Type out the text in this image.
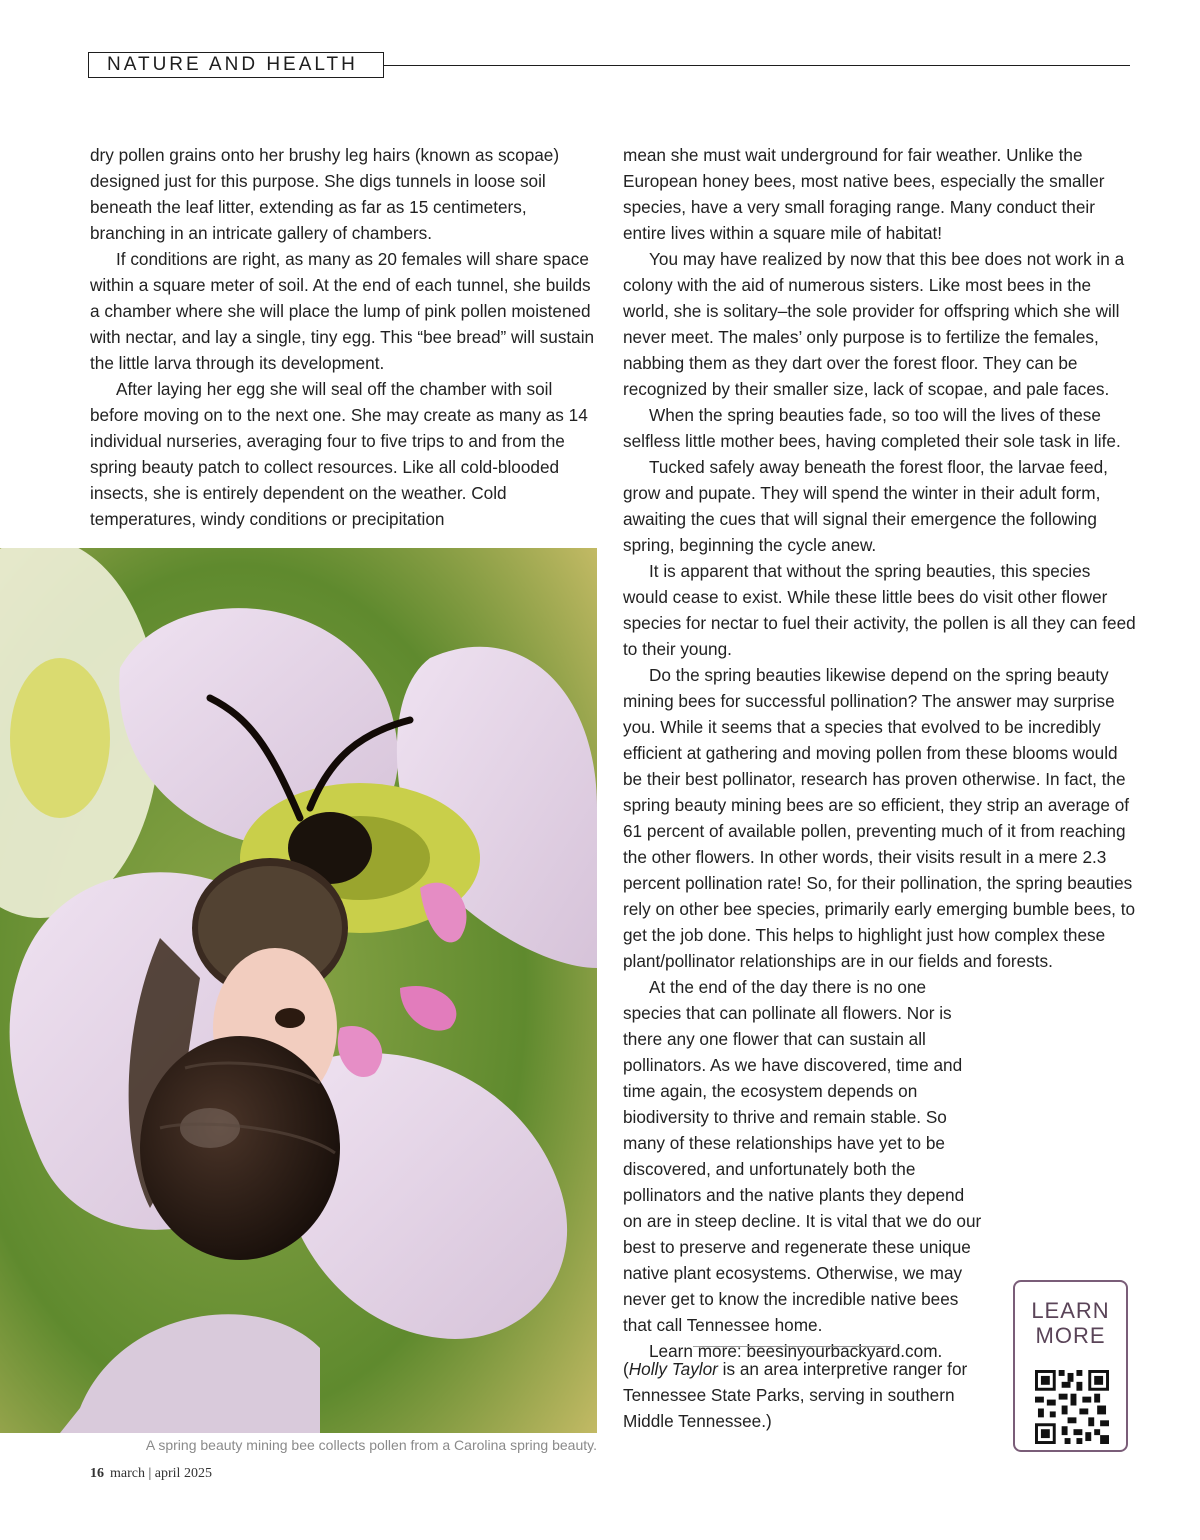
NATURE AND HEALTH

dry pollen grains onto her brushy leg hairs (known as scopae) designed just for this purpose. She digs tunnels in loose soil beneath the leaf litter, extending as far as 15 centimeters, branching in an intricate gallery of chambers.

If conditions are right, as many as 20 females will share space within a square meter of soil. At the end of each tunnel, she builds a chamber where she will place the lump of pink pollen moistened with nectar, and lay a single, tiny egg. This “bee bread” will sustain the little larva through its development.

After laying her egg she will seal off the chamber with soil before moving on to the next one. She may create as many as 14 individual nurseries, averaging four to five trips to and from the spring beauty patch to collect resources. Like all cold-blooded insects, she is entirely dependent on the weather. Cold temperatures, windy conditions or precipitation

A spring beauty mining bee collects pollen from a Carolina spring beauty.

mean she must wait underground for fair weather. Unlike the European honey bees, most native bees, especially the smaller species, have a very small foraging range. Many conduct their entire lives within a square mile of habitat!

You may have realized by now that this bee does not work in a colony with the aid of numerous sisters. Like most bees in the world, she is solitary–the sole provider for offspring which she will never meet. The males’ only purpose is to fertilize the females, nabbing them as they dart over the forest floor. They can be recognized by their smaller size, lack of scopae, and pale faces.

When the spring beauties fade, so too will the lives of these selfless little mother bees, having completed their sole task in life.

Tucked safely away beneath the forest floor, the larvae feed, grow and pupate. They will spend the winter in their adult form, awaiting the cues that will signal their emergence the following spring, beginning the cycle anew.

It is apparent that without the spring beauties, this species would cease to exist. While these little bees do visit other flower species for nectar to fuel their activity, the pollen is all they can feed to their young.

Do the spring beauties likewise depend on the spring beauty mining bees for successful pollination? The answer may surprise you. While it seems that a species that evolved to be incredibly efficient at gathering and moving pollen from these blooms would be their best pollinator, research has proven otherwise. In fact, the spring beauty mining bees are so efficient, they strip an average of 61 percent of available pollen, preventing much of it from reaching the other flowers. In other words, their visits result in a mere 2.3 percent pollination rate! So, for their pollination, the spring beauties rely on other bee species, primarily early emerging bumble bees, to get the job done. This helps to highlight just how complex these plant/pollinator relationships are in our fields and forests.

At the end of the day there is no one species that can pollinate all flowers. Nor is there any one flower that can sustain all pollinators. As we have discovered, time and time again, the ecosystem depends on biodiversity to thrive and remain stable. So many of these relationships have yet to be discovered, and unfortunately both the pollinators and the native plants they depend on are in steep decline. It is vital that we do our best to preserve and regenerate these unique native plant ecosystems. Otherwise, we may never get to know the incredible native bees that call Tennessee home.

Learn more: beesinyourbackyard.com.

(Holly Taylor is an area interpretive ranger for Tennessee State Parks, serving in southern Middle Tennessee.)
LEARN
MORE
16 march | april 2025
